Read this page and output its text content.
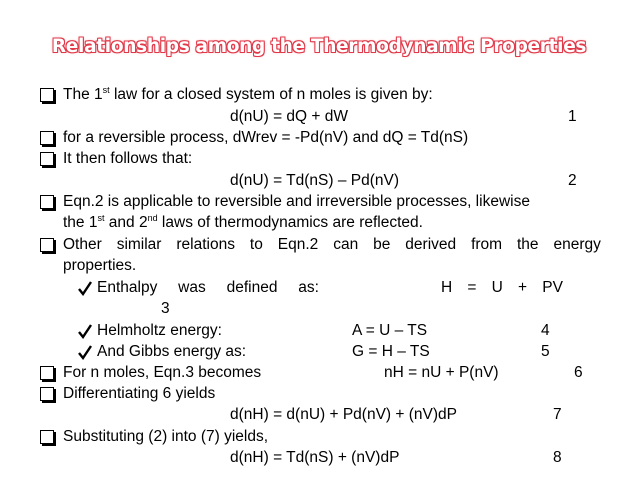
Relationships among the Thermodynamic Properties
The 1st law for a closed system of n moles is given by:
d(nU) = dQ + dW	1
for a reversible process, dWrev = -Pd(nV) and dQ = Td(nS)
It then follows that:
d(nU) = Td(nS) – Pd(nV)	2
Eqn.2 is applicable to reversible and irreversible processes, likewise
the 1st and 2nd laws of thermodynamics are reflected.
Other similar relations to Eqn.2 can be derived from the energy
properties.
Enthalpy was defined as:	H = U + PV
3
Helmholtz energy:	A = U – TS	4
And Gibbs energy as:	G = H – TS	5
For n moles, Eqn.3 becomes	nH = nU + P(nV)	6
Differentiating 6 yields
d(nH) = d(nU) + Pd(nV) + (nV)dP	7
Substituting (2) into (7) yields,
d(nH) = Td(nS) + (nV)dP	8
